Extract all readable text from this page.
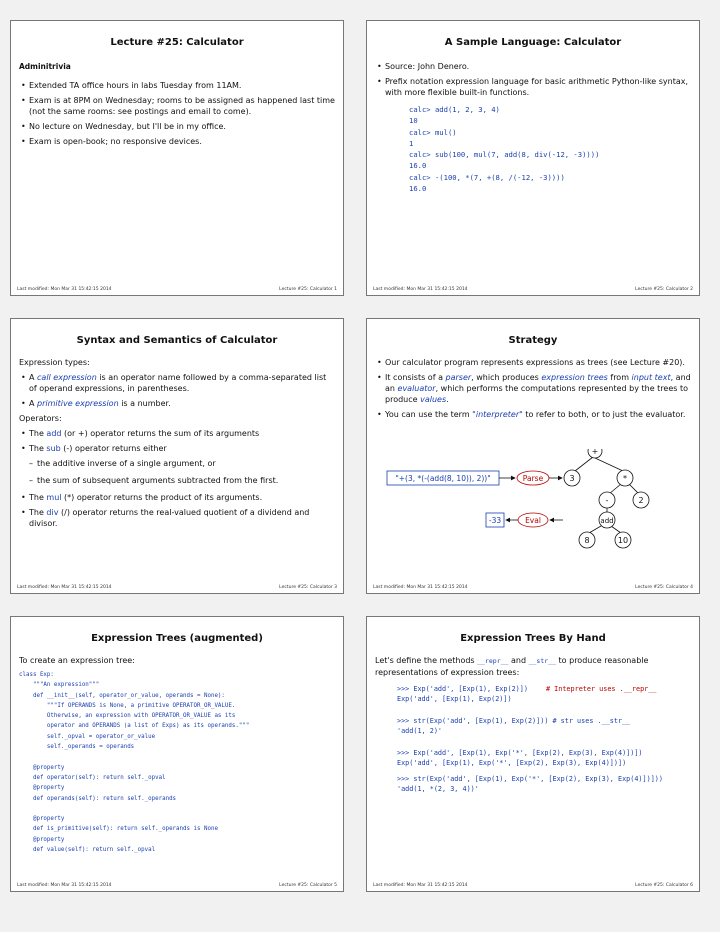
Lecture #25: Calculator
Adminitrivia
• Extended TA office hours in labs Tuesday from 11AM.
• Exam is at 8PM on Wednesday; rooms to be assigned as happened last time (not the same rooms: see postings and email to come).
• No lecture on Wednesday, but I'll be in my office.
• Exam is open-book; no responsive devices.
Last modified: Mon Mar 31 15:42:15 2014	Lecture #25: Calculator 1
A Sample Language: Calculator
• Source: John Denero.
• Prefix notation expression language for basic arithmetic Python-like syntax, with more flexible built-in functions.
calc> add(1, 2, 3, 4)
10
calc> mul()
1
calc> sub(100, mul(7, add(8, div(-12, -3))))
16.0
calc> -(100, *(7, +(8, /(-12, -3))))
16.0
Last modified: Mon Mar 31 15:42:15 2014	Lecture #25: Calculator 2
Syntax and Semantics of Calculator
Expression types:
• A call expression is an operator name followed by a comma-separated list of operand expressions, in parentheses.
• A primitive expression is a number.
Operators:
• The add (or +) operator returns the sum of its arguments
• The sub (-) operator returns either
– the additive inverse of a single argument, or
– the sum of subsequent arguments subtracted from the first.
• The mul (*) operator returns the product of its arguments.
• The div (/) operator returns the real-valued quotient of a dividend and divisor.
Last modified: Mon Mar 31 15:42:15 2014	Lecture #25: Calculator 3
Strategy
• Our calculator program represents expressions as trees (see Lecture #20).
• It consists of a parser, which produces expression trees from input text, and an evaluator, which performs the computations represented by the trees to produce values.
• You can use the term "interpreter" to refer to both, or to just the evaluator.
"+(3, *(-(add(8, 10)), 2))"	Parse
+
3	*
-	2
add
8	10
Eval
-33
Last modified: Mon Mar 31 15:42:15 2014	Lecture #25: Calculator 4
Expression Trees (augmented)
To create an expression tree:
class Exp:
"""An expression"""
def __init__(self, operator_or_value, operands = None):
"""If OPERANDS is None, a primitive OPERATOR_OR_VALUE.
Otherwise, an expression with OPERATOR_OR_VALUE as its
operator and OPERANDS (a list of Exps) as its operands."""
self._opval = operator_or_value
self._operands = operands

@property
def operator(self): return self._opval
@property
def operands(self): return self._operands

@property
def is_primitive(self): return self._operands is None
@property
def value(self): return self._opval
Last modified: Mon Mar 31 15:42:15 2014	Lecture #25: Calculator 5
Expression Trees By Hand
Let's define the methods __repr__ and __str__ to produce reasonable representations of expression trees:
>>> Exp('add', [Exp(1), Exp(2)])	# Intepreter uses .__repr__
Exp('add', [Exp(1), Exp(2)])
>>> str(Exp('add', [Exp(1), Exp(2)])) # str uses .__str__
'add(1, 2)'
>>> Exp('add', [Exp(1), Exp('*', [Exp(2), Exp(3), Exp(4)])])
Exp('add', [Exp(1), Exp('*', [Exp(2), Exp(3), Exp(4)])])
>>> str(Exp('add', [Exp(1), Exp('*', [Exp(2), Exp(3), Exp(4)])]))
'add(1, *(2, 3, 4))'
Last modified: Mon Mar 31 15:42:15 2014	Lecture #25: Calculator 6
